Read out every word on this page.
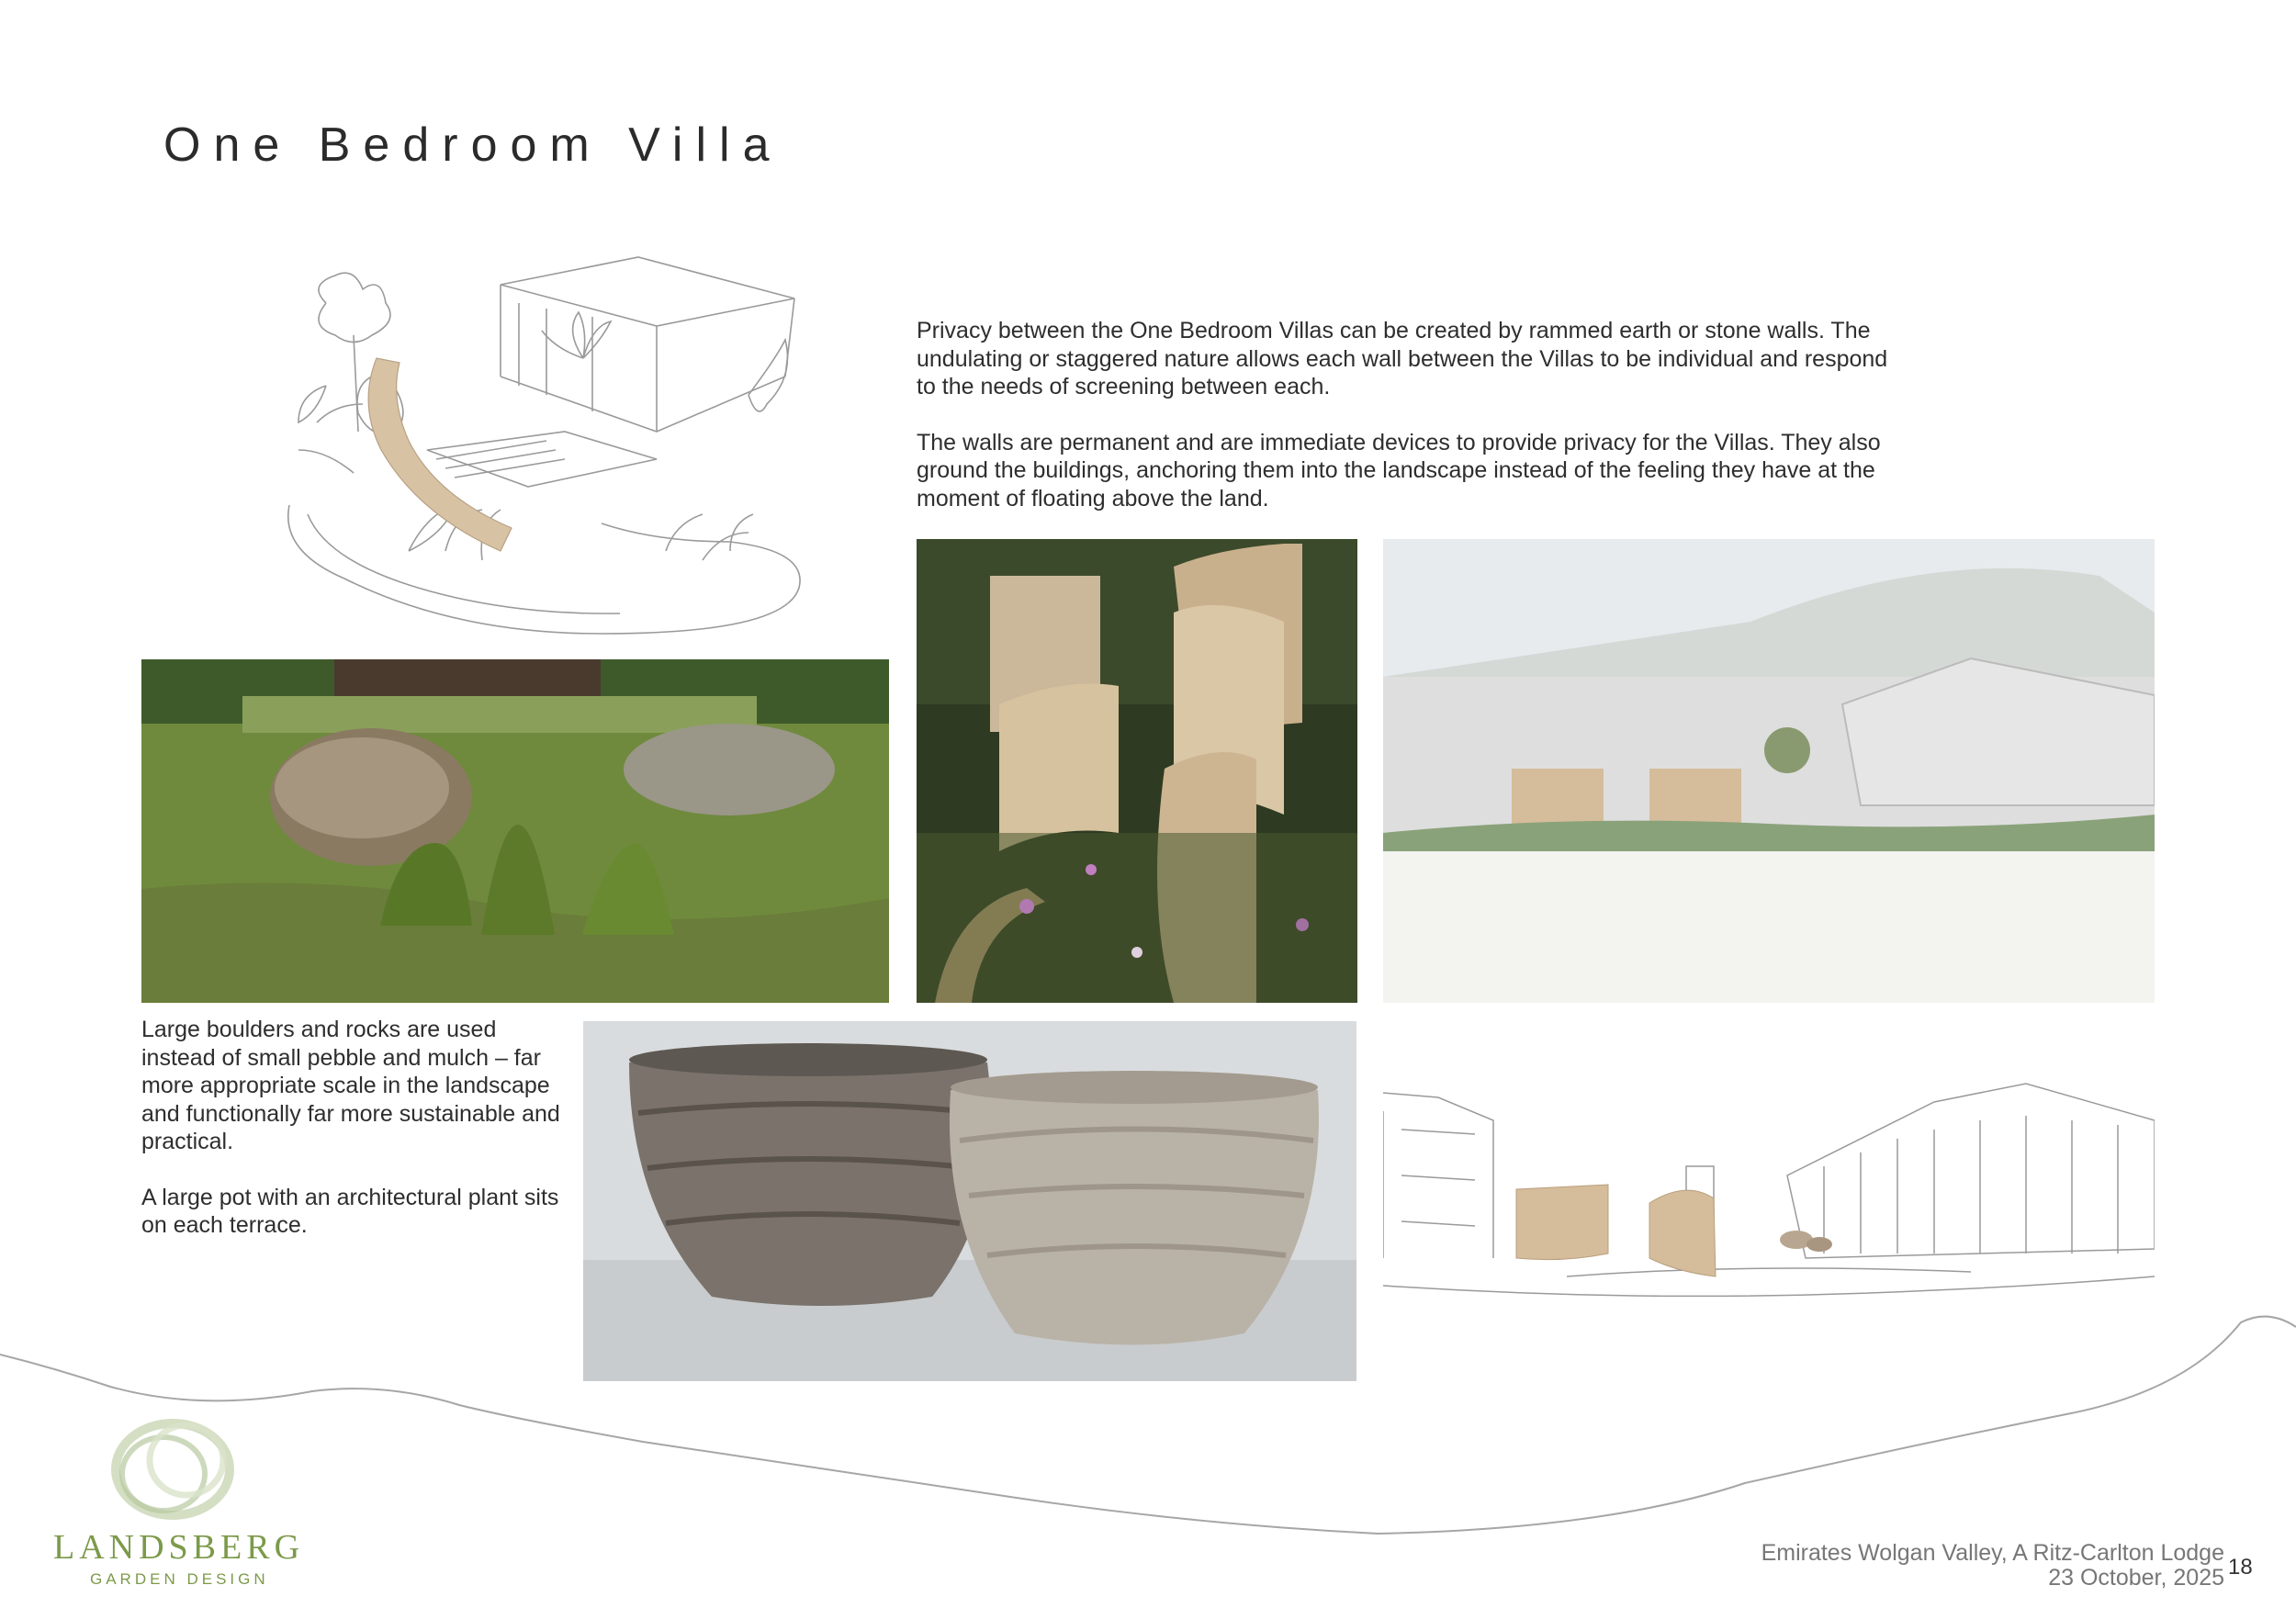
One Bedroom Villa

Privacy between the One Bedroom Villas can be created by rammed earth or stone walls. The undulating or staggered nature allows each wall between the Villas to be individual and respond to the needs of screening between each.

The walls are permanent and are immediate devices to provide privacy for the Villas. They also ground the buildings, anchoring them into the landscape instead of the feeling they have at the moment of floating above the land.

Large boulders and rocks are used instead of small pebble and mulch – far more appropriate scale in the landscape and functionally far more sustainable and practical.

A large pot with an architectural plant sits on each terrace.

LANDSBERG
GARDEN DESIGN
Emirates Wolgan Valley, A Ritz-Carlton Lodge
23 October, 2025 18
